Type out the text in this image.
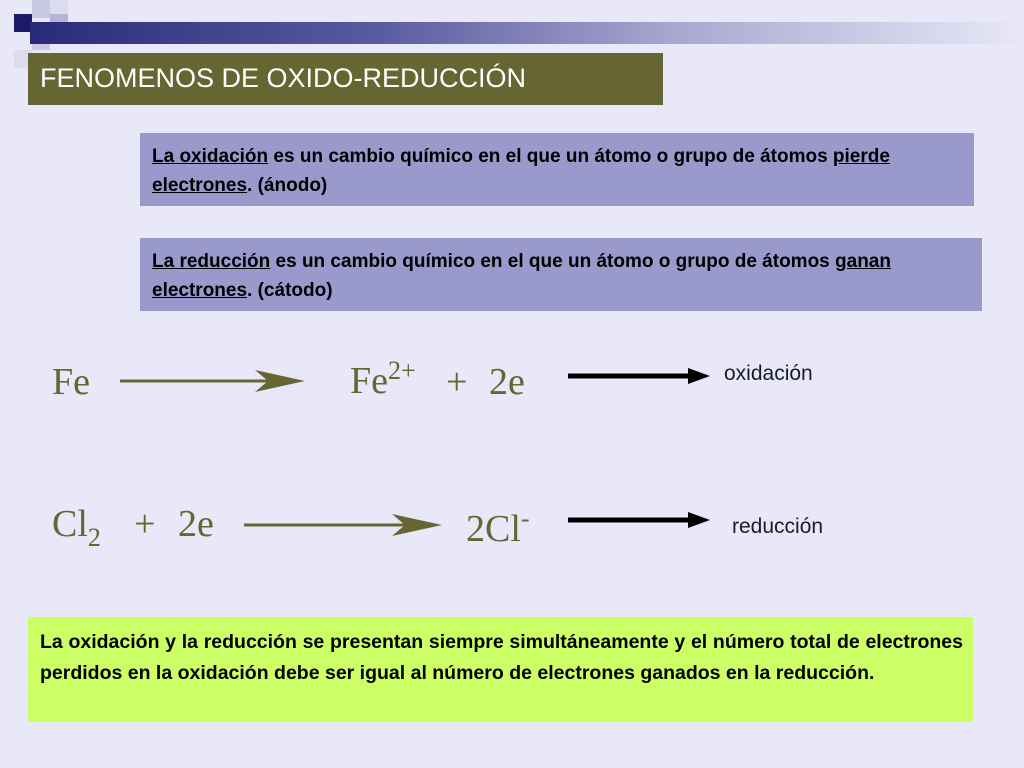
FENOMENOS DE OXIDO-REDUCCIÓN
La oxidación es un cambio químico en el que un átomo o grupo de átomos pierde electrones. (ánodo)
La reducción es un cambio químico en el que un átomo o grupo de átomos ganan electrones. (cátodo)
Fe	$Fe^{2+} + 2e$	oxidación
$Cl_2 + 2e$	2Cl-	reducción
La oxidación y la reducción se presentan siempre simultáneamente y el número total de electrones perdidos en la oxidación debe ser igual al número de electrones ganados en la reducción.
